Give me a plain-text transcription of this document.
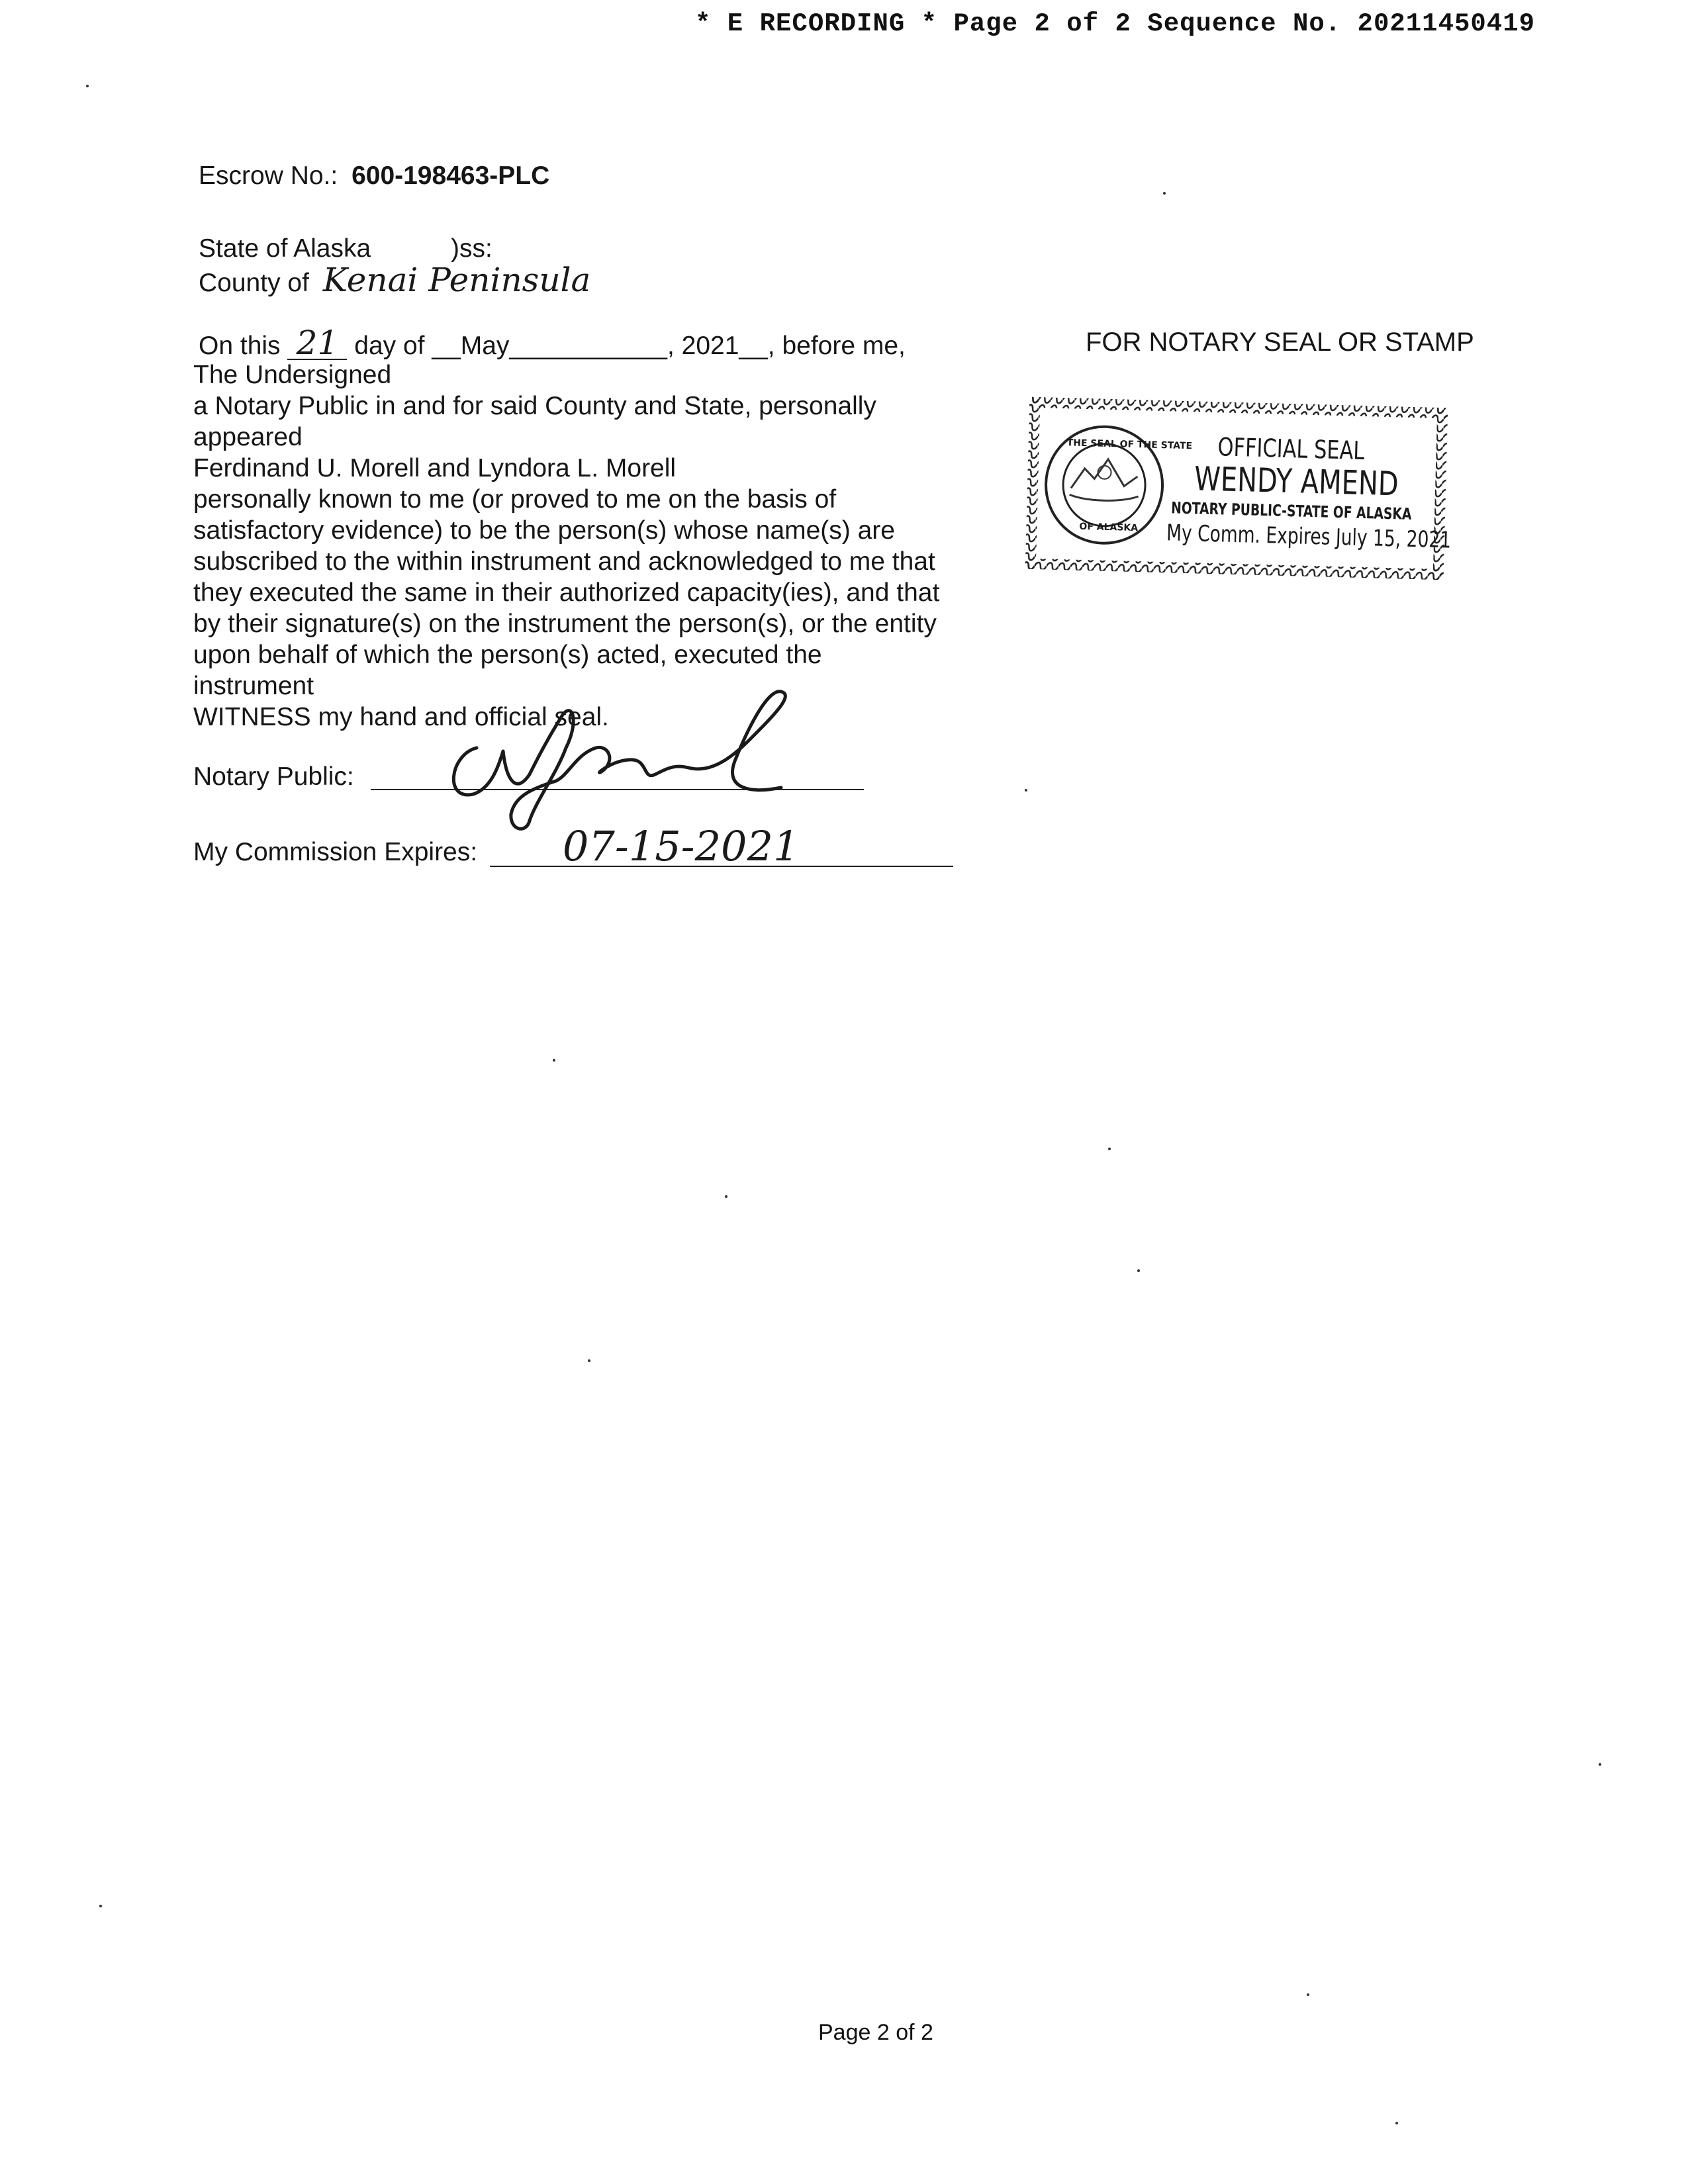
* E RECORDING * Page 2 of 2 Sequence No. 20211450419
Escrow No.: 600-198463-PLC
State of Alaska	)ss:
County of Kenai Peninsula
On this 21 day of __May___________, 2021__, before me,
The Undersigned
a Notary Public in and for said County and State, personally
appeared
Ferdinand U. Morell and Lyndora L. Morell
personally known to me (or proved to me on the basis of
satisfactory evidence) to be the person(s) whose name(s) are
subscribed to the within instrument and acknowledged to me that
they executed the same in their authorized capacity(ies), and that
by their signature(s) on the instrument the person(s), or the entity
upon behalf of which the person(s) acted, executed the
instrument
WITNESS my hand and official seal.
Notary Public:
My Commission Expires: 07-15-2021
FOR NOTARY SEAL OR STAMP
THE SEAL OF THE STATE
OF ALASKA
OFFICIAL SEAL
WENDY AMEND
NOTARY PUBLIC-STATE OF ALASKA
My Comm. Expires July 15, 2021
Page 2 of 2
